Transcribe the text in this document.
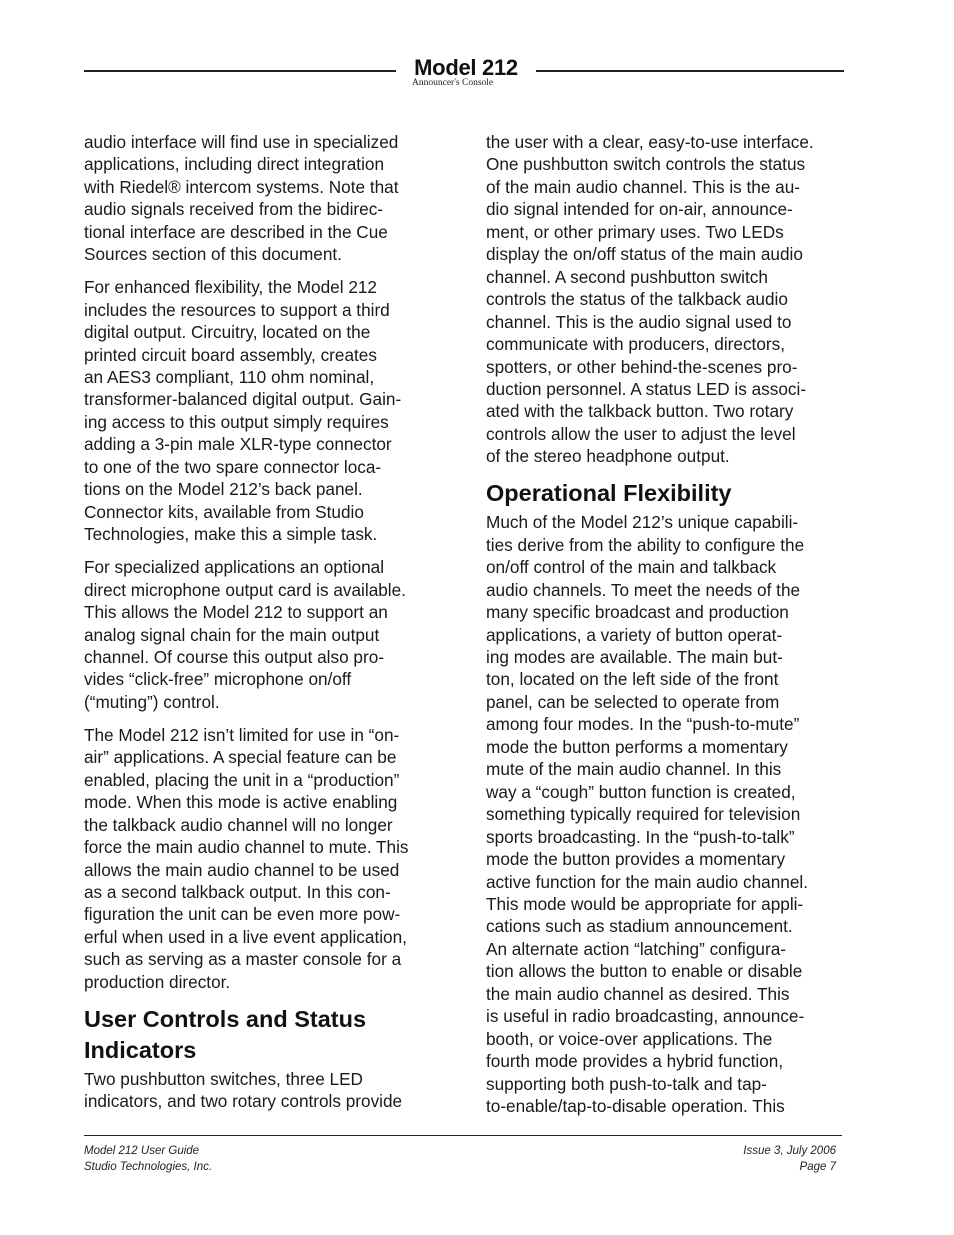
Model 212
Announcer's Console

audio interface will find use in specialized
applications, including direct integration
with Riedel® intercom systems. Note that
audio signals received from the bidirec-
tional interface are described in the Cue
Sources section of this document.

For enhanced flexibility, the Model 212
includes the resources to support a third
digital output. Circuitry, located on the
printed circuit board assembly, creates
an AES3 compliant, 110 ohm nominal,
transformer-balanced digital output. Gain-
ing access to this output simply requires
adding a 3-pin male XLR-type connector
to one of the two spare connector loca-
tions on the Model 212’s back panel.
Connector kits, available from Studio
Technologies, make this a simple task.

For specialized applications an optional
direct microphone output card is available.
This allows the Model 212 to support an
analog signal chain for the main output
channel. Of course this output also pro-
vides “click-free” microphone on/off
(“muting”) control.

The Model 212 isn’t limited for use in “on-
air” applications. A special feature can be
enabled, placing the unit in a “production”
mode. When this mode is active enabling
the talkback audio channel will no longer
force the main audio channel to mute. This
allows the main audio channel to be used
as a second talkback output. In this con-
figuration the unit can be even more pow-
erful when used in a live event application,
such as serving as a master console for a
production director.

User Controls and Status
Indicators

Two pushbutton switches, three LED
indicators, and two rotary controls provide

the user with a clear, easy-to-use interface.
One pushbutton switch controls the status
of the main audio channel. This is the au-
dio signal intended for on-air, announce-
ment, or other primary uses. Two LEDs
display the on/off status of the main audio
channel. A second pushbutton switch
controls the status of the talkback audio
channel. This is the audio signal used to
communicate with producers, directors,
spotters, or other behind-the-scenes pro-
duction personnel. A status LED is associ-
ated with the talkback button. Two rotary
controls allow the user to adjust the level
of the stereo headphone output.

Operational Flexibility

Much of the Model 212’s unique capabili-
ties derive from the ability to configure the
on/off control of the main and talkback
audio channels. To meet the needs of the
many specific broadcast and production
applications, a variety of button operat-
ing modes are available. The main but-
ton, located on the left side of the front
panel, can be selected to operate from
among four modes. In the “push-to-mute”
mode the button performs a momentary
mute of the main audio channel. In this
way a “cough” button function is created,
something typically required for television
sports broadcasting. In the “push-to-talk”
mode the button provides a momentary
active function for the main audio channel.
This mode would be appropriate for appli-
cations such as stadium announcement.
An alternate action “latching” configura-
tion allows the button to enable or disable
the main audio channel as desired. This
is useful in radio broadcasting, announce-
booth, or voice-over applications. The
fourth mode provides a hybrid function,
supporting both push-to-talk and tap-
to-enable/tap-to-disable operation. This

Model 212 User Guide
Studio Technologies, Inc.
Issue 3, July 2006
Page 7
